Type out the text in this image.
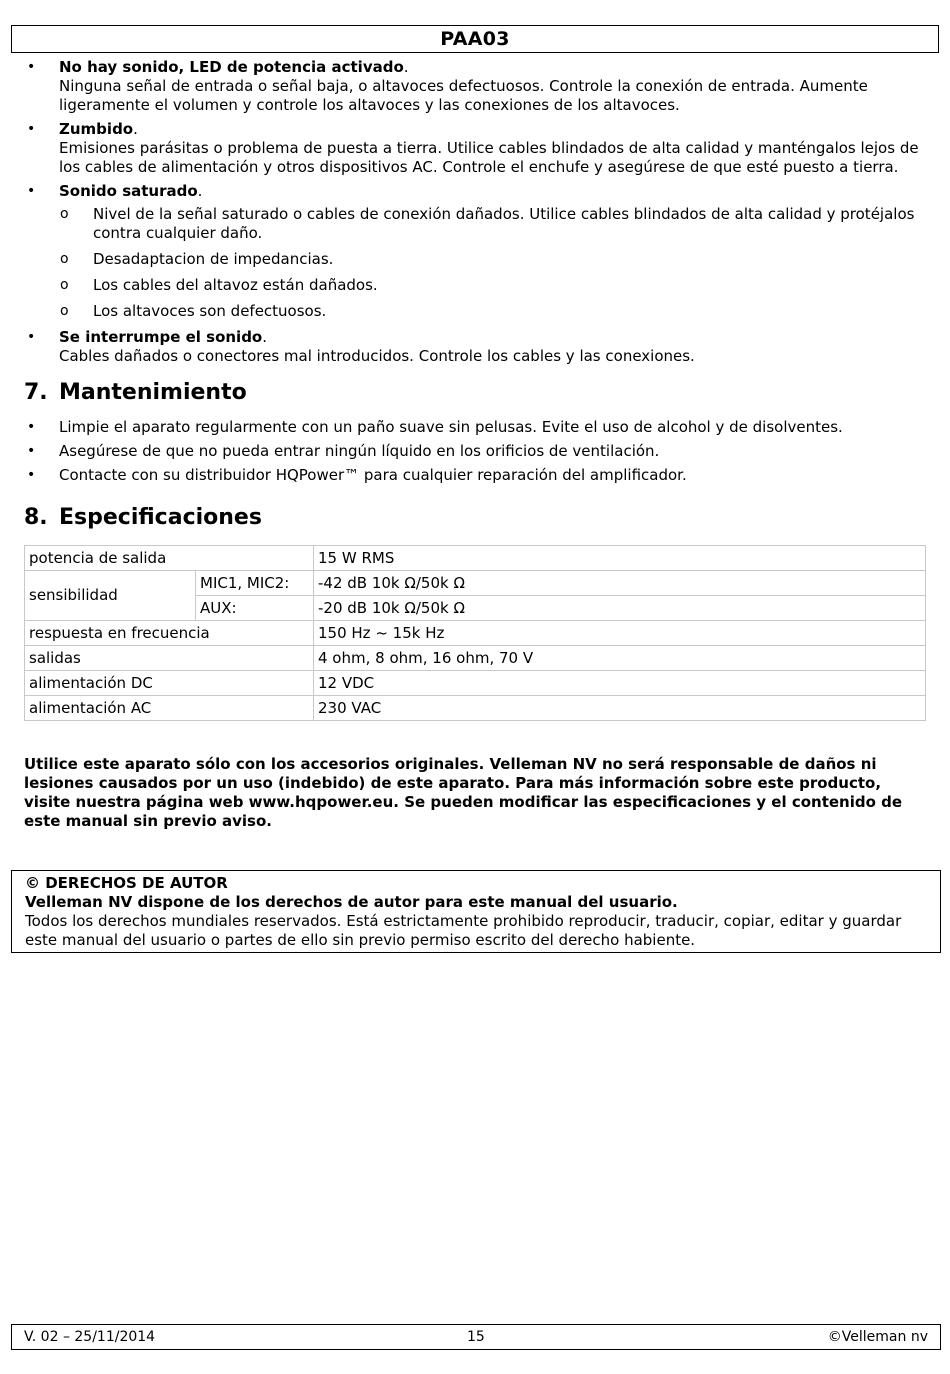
PAA03
• No hay sonido, LED de potencia activado.
Ninguna señal de entrada o señal baja, o altavoces defectuosos. Controle la conexión de entrada. Aumente ligeramente el volumen y controle los altavoces y las conexiones de los altavoces.
• Zumbido.
Emisiones parásitas o problema de puesta a tierra. Utilice cables blindados de alta calidad y manténgalos lejos de los cables de alimentación y otros dispositivos AC. Controle el enchufe y asegúrese de que esté puesto a tierra.
• Sonido saturado.
o Nivel de la señal saturado o cables de conexión dañados. Utilice cables blindados de alta calidad y protéjalos contra cualquier daño.
o Desadaptacion de impedancias.
o Los cables del altavoz están dañados.
o Los altavoces son defectuosos.
• Se interrumpe el sonido.
Cables dañados o conectores mal introducidos. Controle los cables y las conexiones.
7. Mantenimiento
• Limpie el aparato regularmente con un paño suave sin pelusas. Evite el uso de alcohol y de disolventes.
• Asegúrese de que no pueda entrar ningún líquido en los orificios de ventilación.
• Contacte con su distribuidor HQPower™ para cualquier reparación del amplificador.
8. Especificaciones
potencia de salida		15 W RMS
sensibilidad	MIC1, MIC2:	-42 dB 10k Ω/50k Ω
	AUX:	-20 dB 10k Ω/50k Ω
respuesta en frecuencia		150 Hz ~ 15k Hz
salidas		4 ohm, 8 ohm, 16 ohm, 70 V
alimentación DC		12 VDC
alimentación AC		230 VAC
Utilice este aparato sólo con los accesorios originales. Velleman NV no será responsable de daños ni lesiones causados por un uso (indebido) de este aparato. Para más información sobre este producto, visite nuestra página web www.hqpower.eu. Se pueden modificar las especificaciones y el contenido de este manual sin previo aviso.
© DERECHOS DE AUTOR
Velleman NV dispone de los derechos de autor para este manual del usuario.
Todos los derechos mundiales reservados. Está estrictamente prohibido reproducir, traducir, copiar, editar y guardar este manual del usuario o partes de ello sin previo permiso escrito del derecho habiente.
V. 02 – 25/11/2014	15	©Velleman nv
